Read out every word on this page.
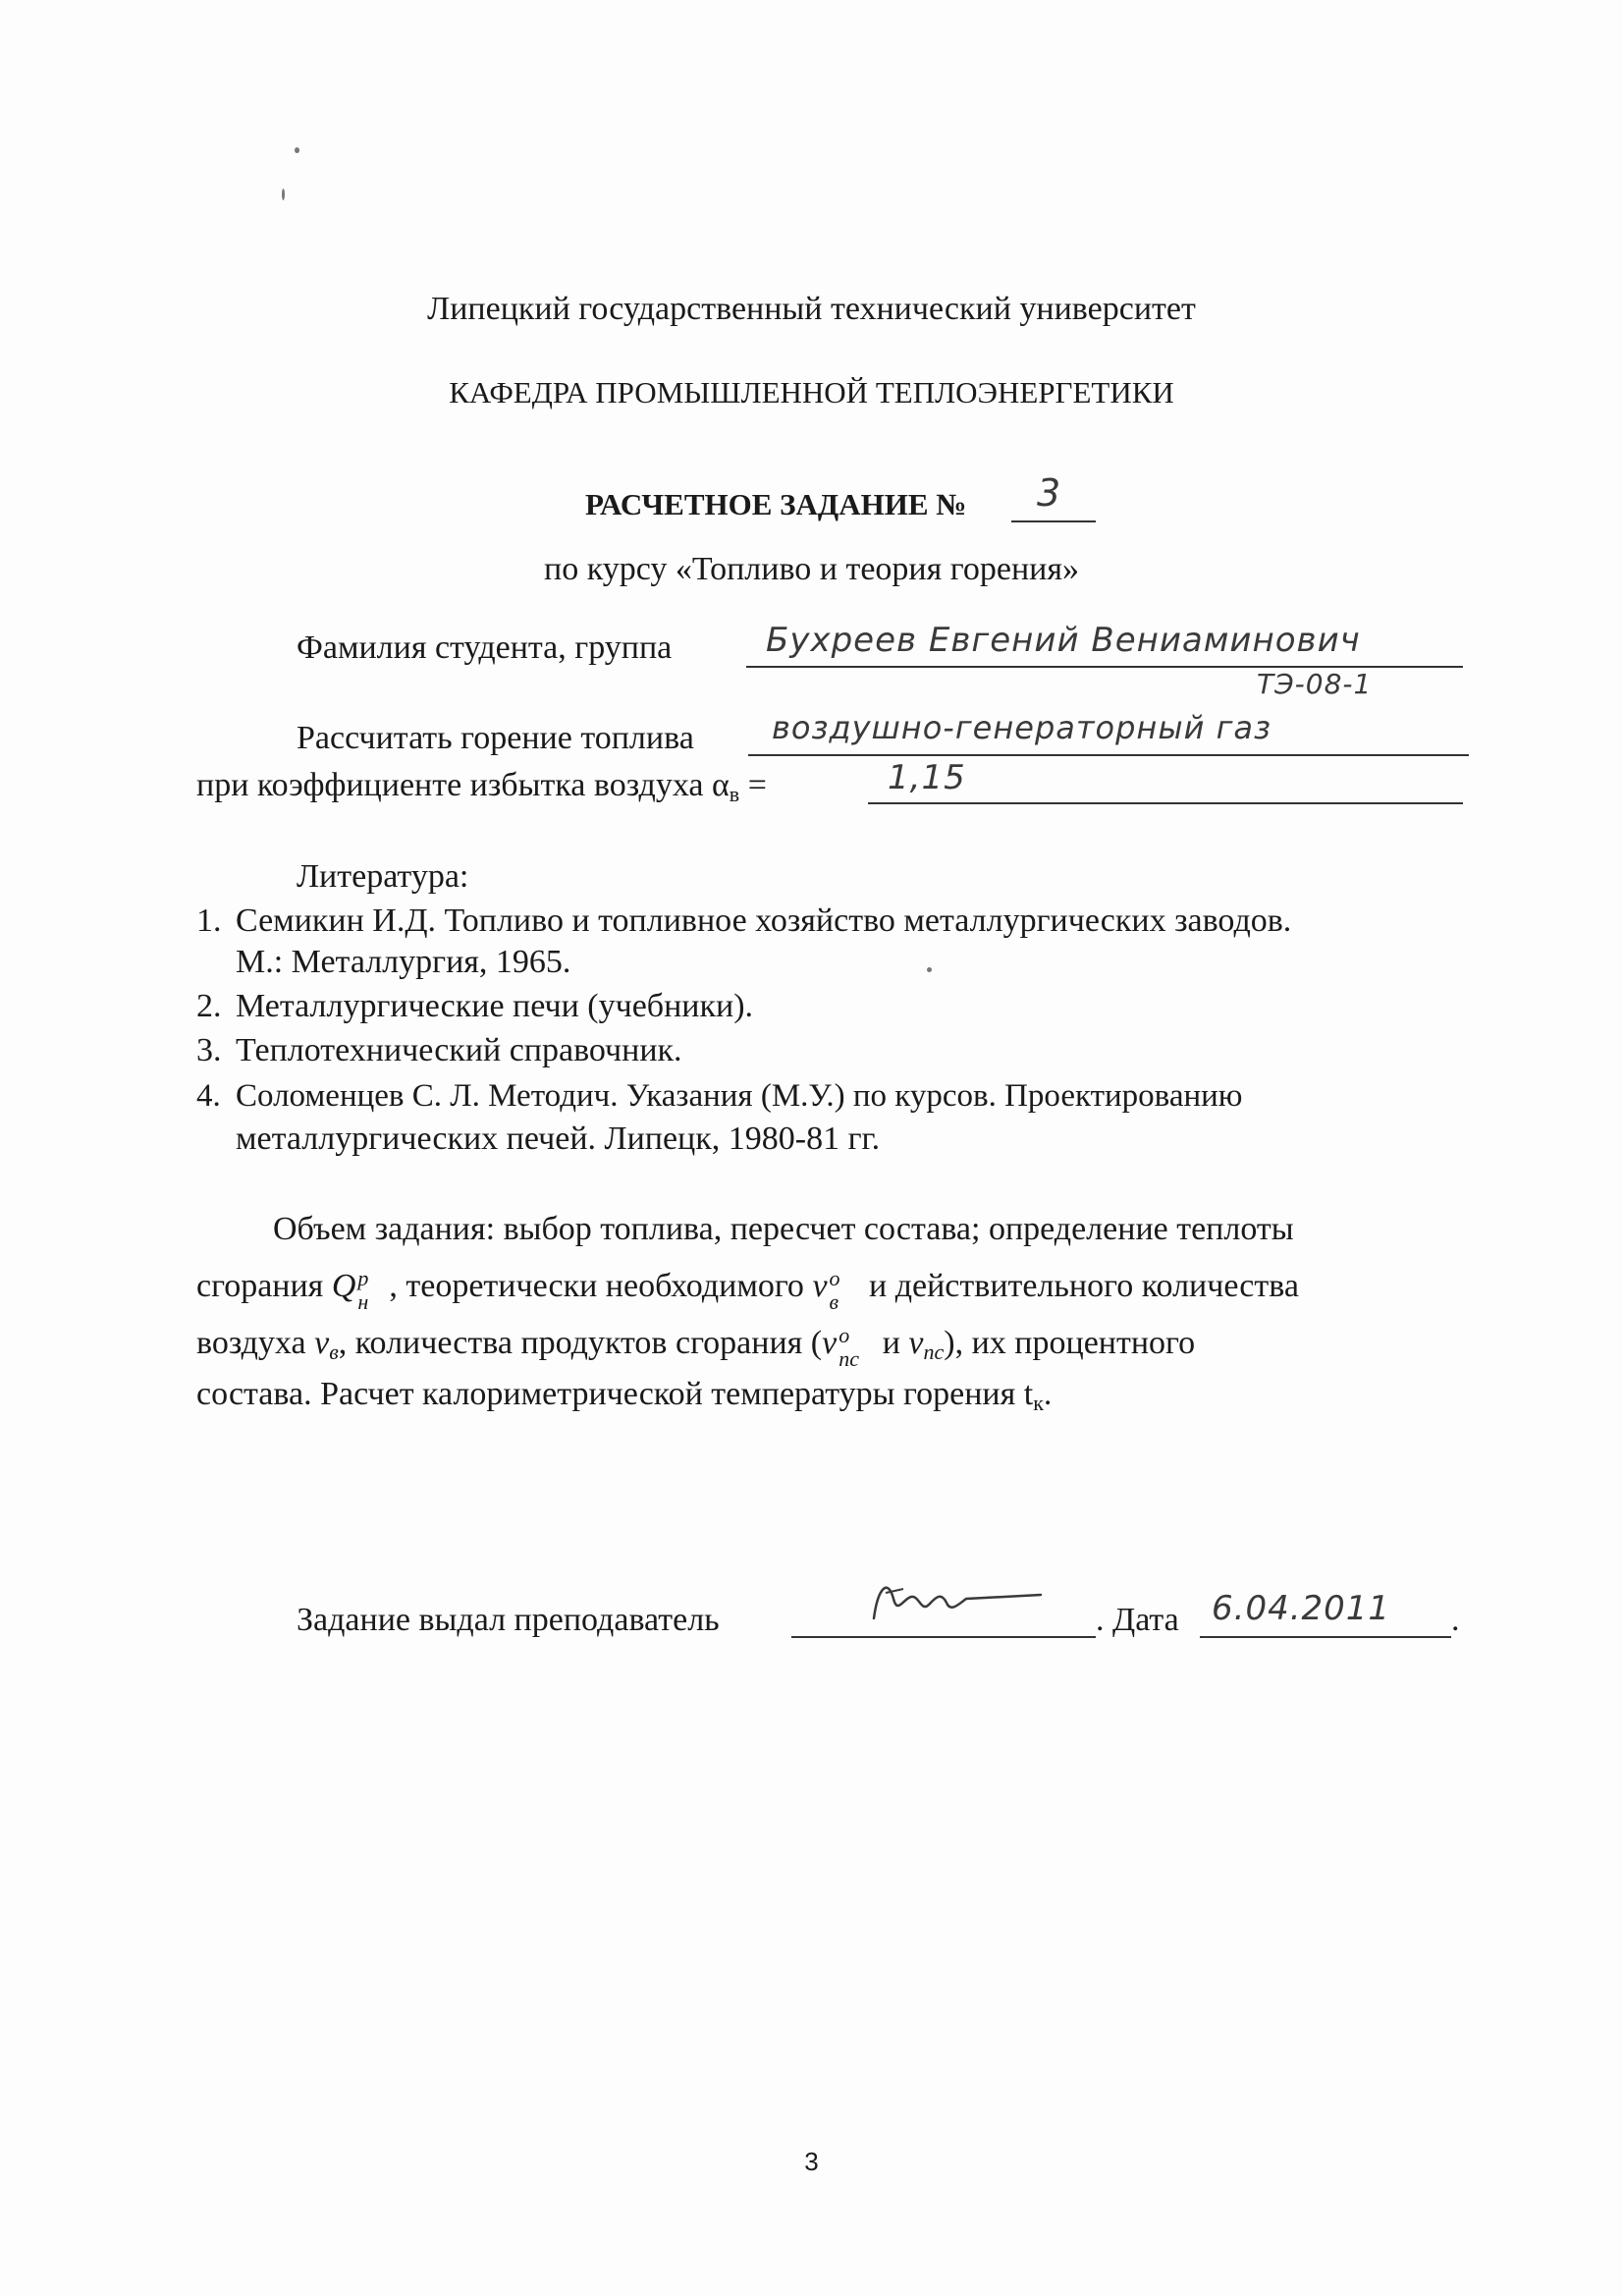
Липецкий государственный технический университет
КАФЕДРА ПРОМЫШЛЕННОЙ ТЕПЛОЭНЕРГЕТИКИ
РАСЧЕТНОЕ ЗАДАНИЕ № 3
по курсу «Топливо и теория горения»
Фамилия студента, группа	Бухреев Евгений Вениаминович
ТЭ-08-1
Рассчитать горение топлива воздушно-генераторный газ
при коэффициенте избытка воздуха $\alpha_в$ =	1,15
Литература:
1. Семикин И.Д. Топливо и топливное хозяйство металлургических заводов.
М.: Металлургия, 1965.
2. Металлургические печи (учебники).
3. Теплотехнический справочник.
4. Соломенцев С. Л. Методич. Указания (М.У.) по курсов. Проектированию
металлургических печей. Липецк, 1980-81 гг.
Объем задания: выбор топлива, пересчет состава; определение теплоты
сгорания Q р
н , теоретически необходимого v о
в и действительного количества
воздуха $v_в$, количества продуктов сгорания (v о
пс и $v_{пс}$), их процентного
состава. Расчет калориметрической температуры горения $t_к$.
Задание выдал преподаватель	. Дата 6.04.2011 .
3
